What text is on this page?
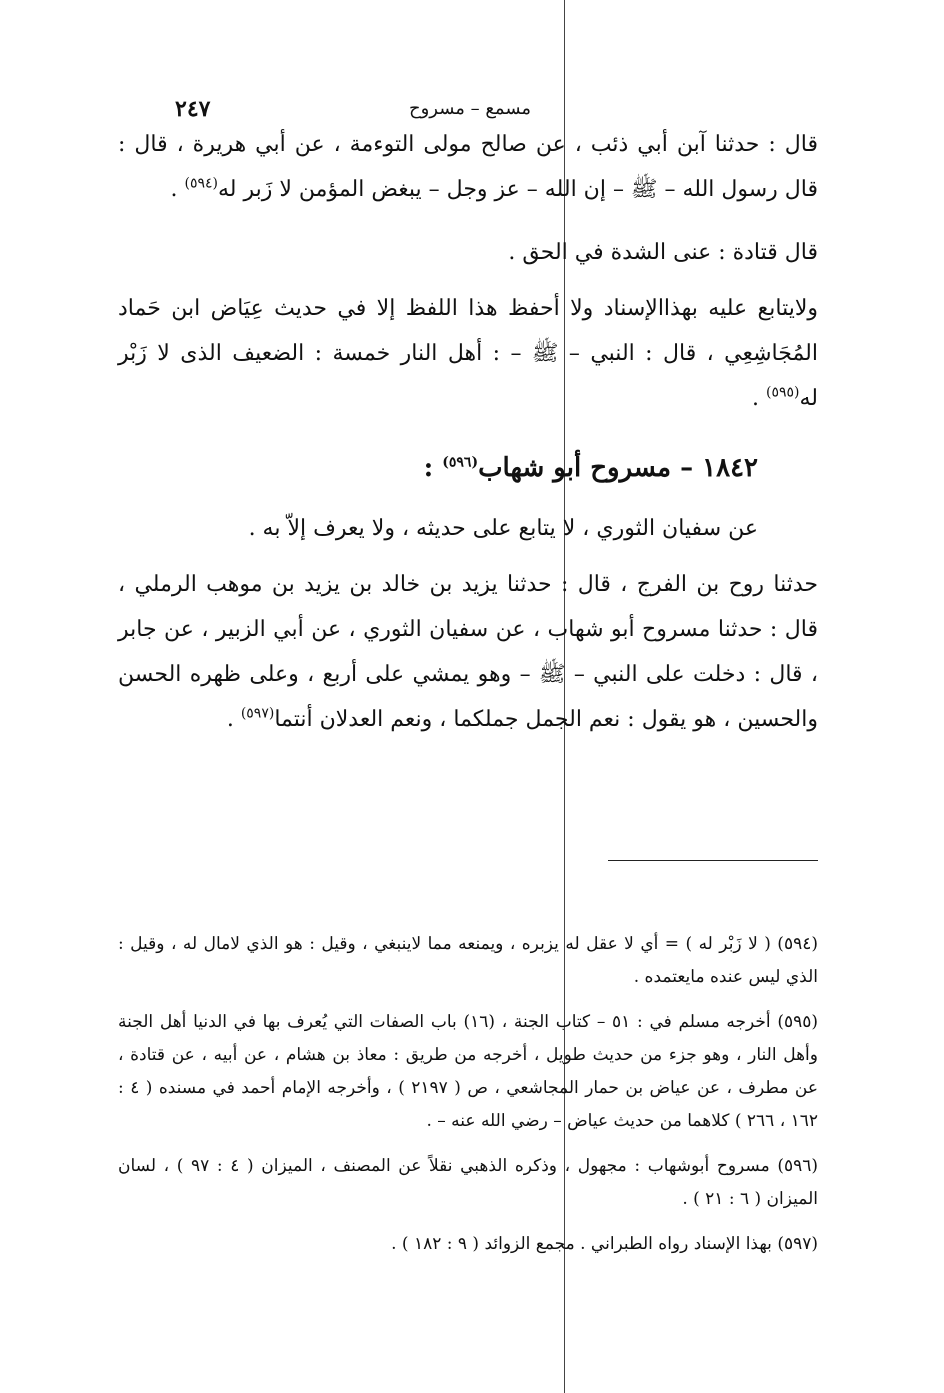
٢٤٧	مسمع – مسروح

قال : حدثنا آبن أبي ذئب ، عن صالح مولى التوءمة ، عن أبي هريرة ، قال : قال رسول الله – ﷺ – إن الله – عز وجل – يبغض المؤمن لا زَبر له$^{(٥٩٤)}$ .

قال قتادة : عنى الشدة في الحق .

ولايتابع عليه بهذاالإسناد ولا أحفظ هذا اللفظ إلا في حديث عِيَاض ابن حَماد المُجَاشِعِي ، قال : النبي – ﷺ – : أهل النار خمسة : الضعيف الذى لا زَبْر له$^{(٥٩٥)}$ .

١٨٤٢ – مسروح أبو شهاب$^{(٥٩٦)}$ :

عن سفيان الثوري ، لا يتابع على حديثه ، ولا يعرف إلاّ به .

حدثنا روح بن الفرج ، قال : حدثنا يزيد بن خالد بن يزيد بن موهب الرملي ، قال : حدثنا مسروح أبو شهاب ، عن سفيان الثوري ، عن أبي الزبير ، عن جابر ، قال : دخلت على النبي – ﷺ – وهو يمشي على أربع ، وعلى ظهره الحسن والحسين ، هو يقول : نعم الجمل جملكما ، ونعم العدلان أنتما$^{(٥٩٧)}$ .

(٥٩٤) ( لا زَبْر له ) = أي لا عقل له يزبره ، ويمنعه مما لاينبغي ، وقيل : هو الذي لامال له ، وقيل : الذي ليس عنده مايعتمده .

(٥٩٥) أخرجه مسلم في : ٥١ – كتاب الجنة ، (١٦) باب الصفات التي يُعرف بها في الدنيا أهل الجنة وأهل النار ، وهو جزء من حديث طويل ، أخرجه من طريق : معاذ بن هشام ، عن أبيه ، عن قتادة ، عن مطرف ، عن عياض بن حمار المجاشعي ، ص ( ٢١٩٧ ) ، وأخرجه الإمام أحمد في مسنده ( ٤ : ١٦٢ ، ٢٦٦ ) كلاهما من حديث عياض – رضي الله عنه – .

(٥٩٦) مسروح أبوشهاب : مجهول ، وذكره الذهبي نقلاً عن المصنف ، الميزان ( ٤ : ٩٧ ) ، لسان الميزان ( ٦ : ٢١ ) .

(٥٩٧) بهذا الإسناد رواه الطبراني . مجمع الزوائد ( ٩ : ١٨٢ ) .
